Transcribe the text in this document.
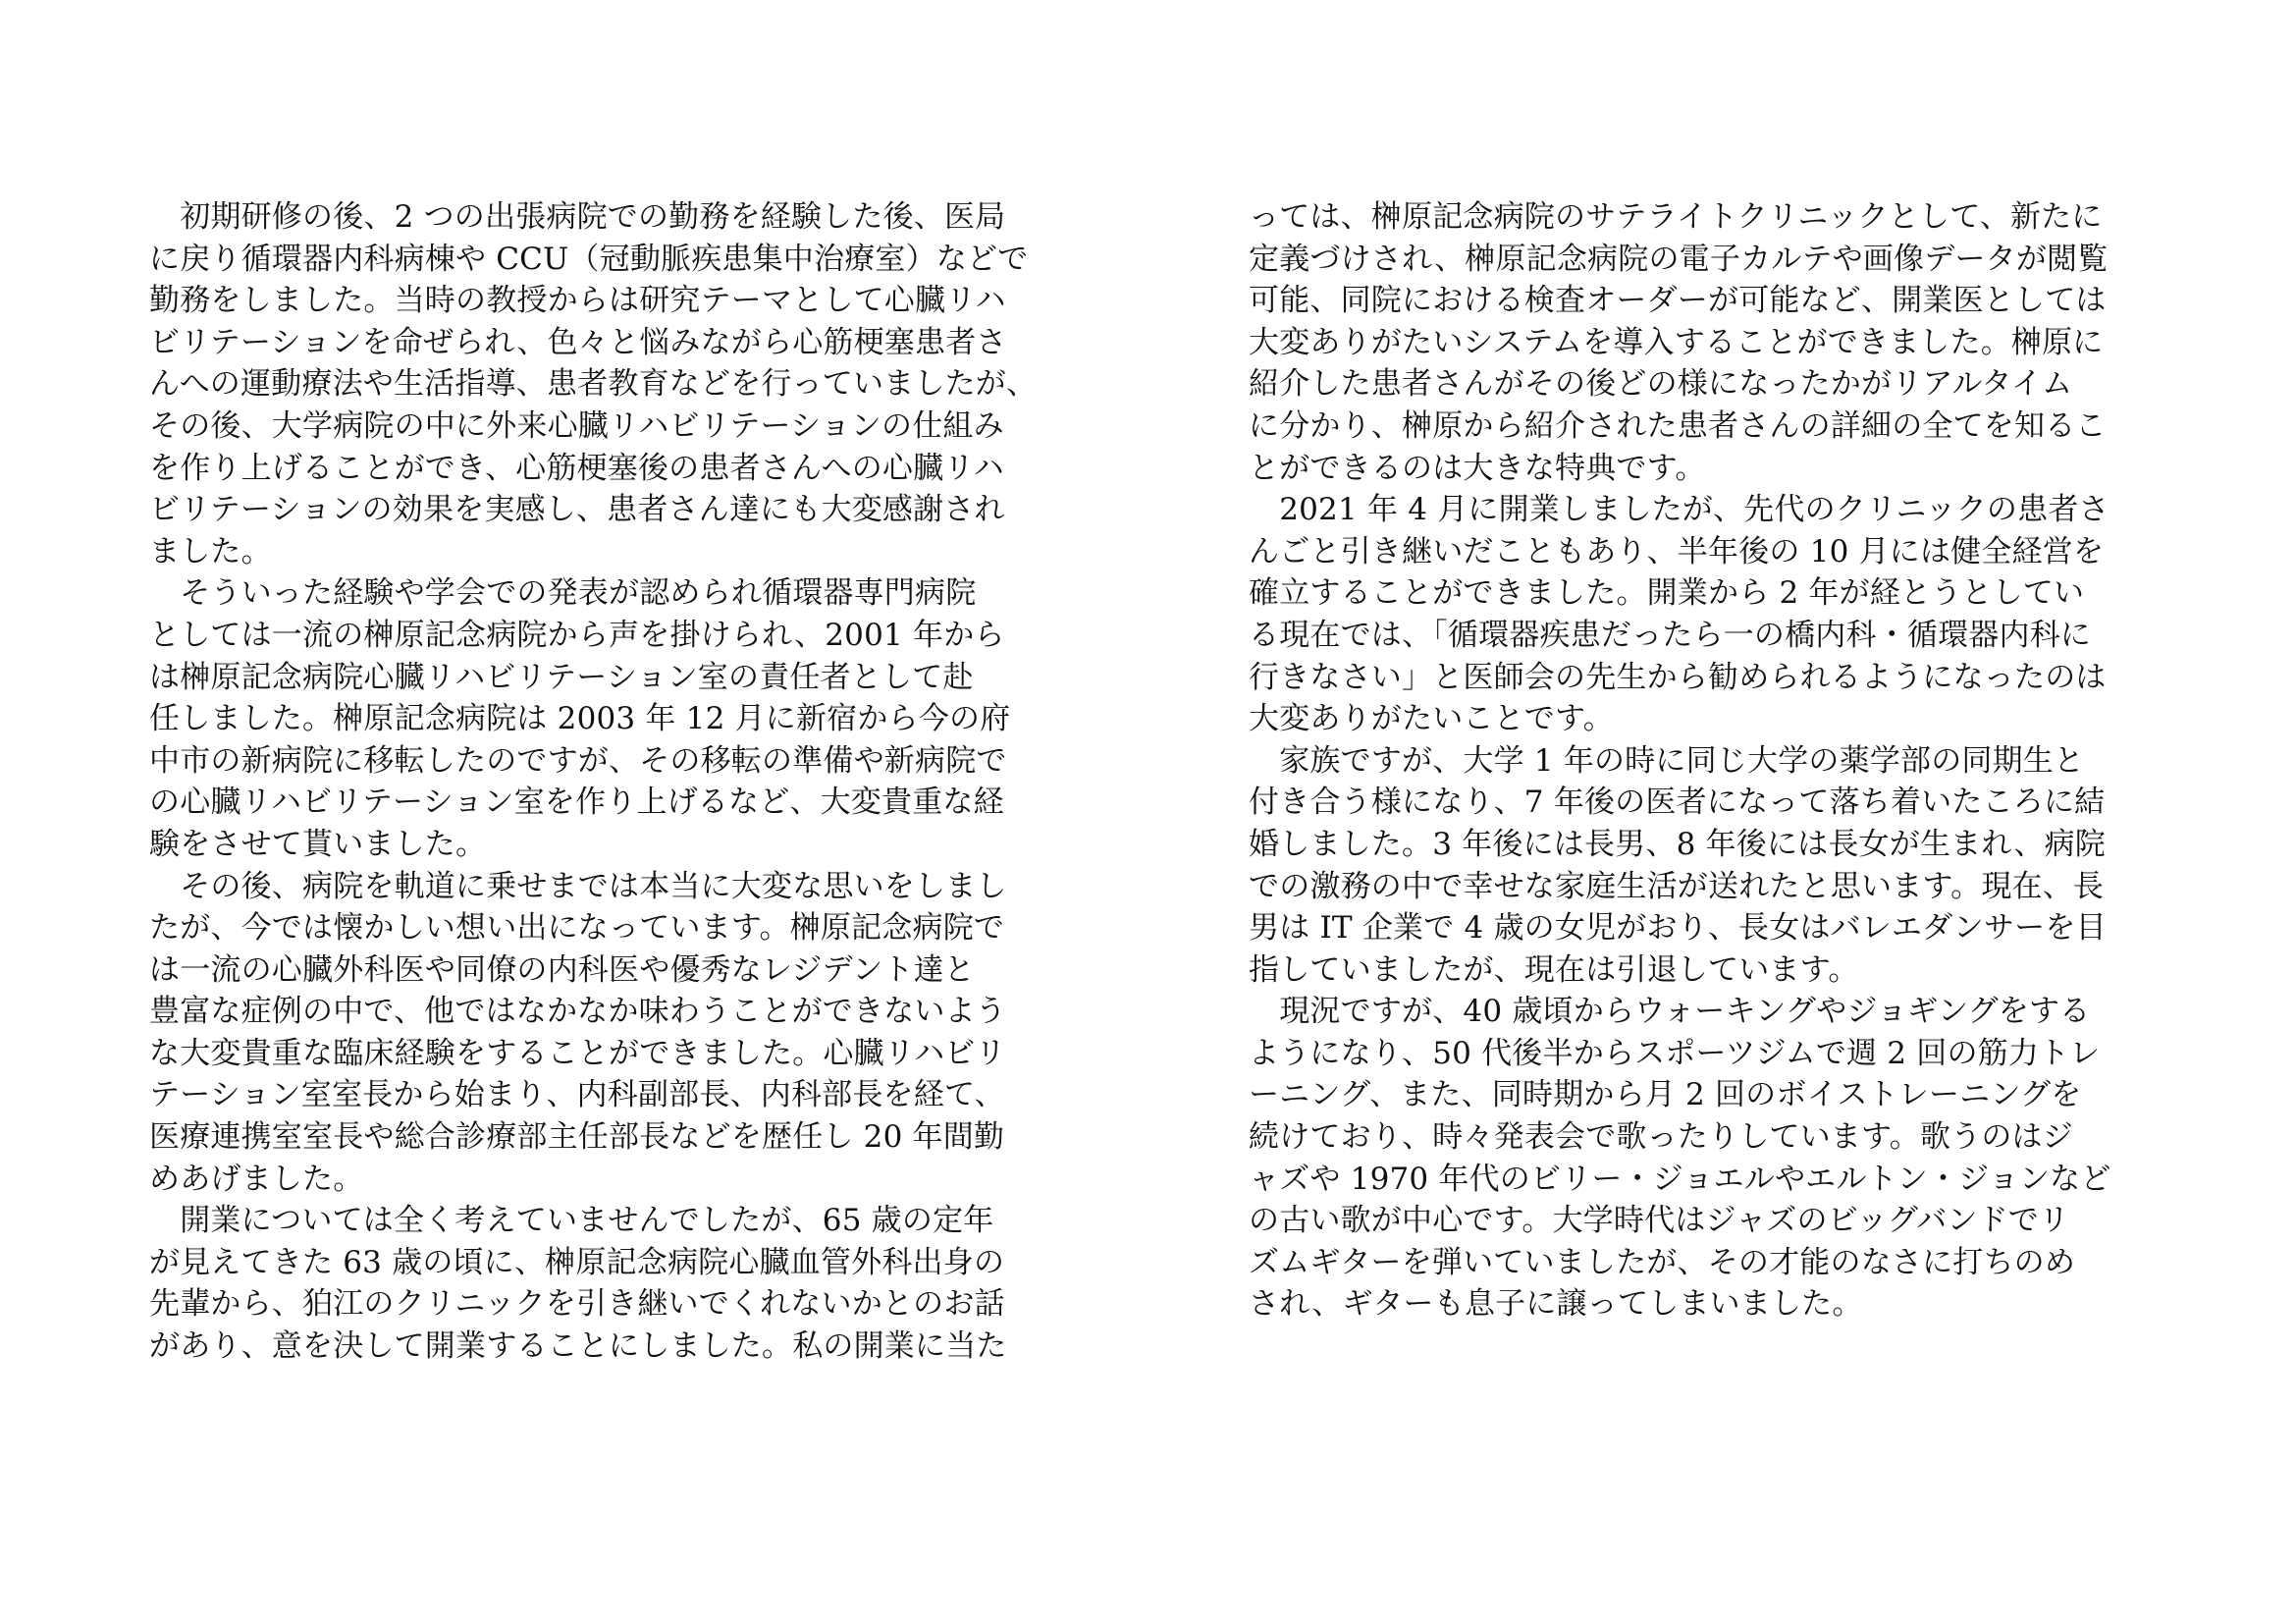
　初期研修の後、2 つの出張病院での勤務を経験した後、医局
に戻り循環器内科病棟や CCU（冠動脈疾患集中治療室）などで
勤務をしました。当時の教授からは研究テーマとして心臓リハ
ビリテーションを命ぜられ、色々と悩みながら心筋梗塞患者さ
んへの運動療法や生活指導、患者教育などを行っていましたが、
その後、大学病院の中に外来心臓リハビリテーションの仕組み
を作り上げることができ、心筋梗塞後の患者さんへの心臓リハ
ビリテーションの効果を実感し、患者さん達にも大変感謝され
ました。
　そういった経験や学会での発表が認められ循環器専門病院
としては一流の榊原記念病院から声を掛けられ、2001 年から
は榊原記念病院心臓リハビリテーション室の責任者として赴
任しました。榊原記念病院は 2003 年 12 月に新宿から今の府
中市の新病院に移転したのですが、その移転の準備や新病院で
の心臓リハビリテーション室を作り上げるなど、大変貴重な経
験をさせて貰いました。
　その後、病院を軌道に乗せまでは本当に大変な思いをしまし
たが、今では懐かしい想い出になっています。榊原記念病院で
は一流の心臓外科医や同僚の内科医や優秀なレジデント達と
豊富な症例の中で、他ではなかなか味わうことができないよう
な大変貴重な臨床経験をすることができました。心臓リハビリ
テーション室室長から始まり、内科副部長、内科部長を経て、
医療連携室室長や総合診療部主任部長などを歴任し 20 年間勤
めあげました。
　開業については全く考えていませんでしたが、65 歳の定年
が見えてきた 63 歳の頃に、榊原記念病院心臓血管外科出身の
先輩から、狛江のクリニックを引き継いでくれないかとのお話
があり、意を決して開業することにしました。私の開業に当た
っては、榊原記念病院のサテライトクリニックとして、新たに
定義づけされ、榊原記念病院の電子カルテや画像データが閲覧
可能、同院における検査オーダーが可能など、開業医としては
大変ありがたいシステムを導入することができました。榊原に
紹介した患者さんがその後どの様になったかがリアルタイム
に分かり、榊原から紹介された患者さんの詳細の全てを知るこ
とができるのは大きな特典です。
　2021 年 4 月に開業しましたが、先代のクリニックの患者さ
んごと引き継いだこともあり、半年後の 10 月には健全経営を
確立することができました。開業から 2 年が経とうとしてい
る現在では、「循環器疾患だったら一の橋内科・循環器内科に
行きなさい」と医師会の先生から勧められるようになったのは
大変ありがたいことです。
　家族ですが、大学 1 年の時に同じ大学の薬学部の同期生と
付き合う様になり、7 年後の医者になって落ち着いたころに結
婚しました。3 年後には長男、8 年後には長女が生まれ、病院
での激務の中で幸せな家庭生活が送れたと思います。現在、長
男は IT 企業で 4 歳の女児がおり、長女はバレエダンサーを目
指していましたが、現在は引退しています。
　現況ですが、40 歳頃からウォーキングやジョギングをする
ようになり、50 代後半からスポーツジムで週 2 回の筋力トレ
ーニング、また、同時期から月 2 回のボイストレーニングを
続けており、時々発表会で歌ったりしています。歌うのはジ
ャズや 1970 年代のビリー・ジョエルやエルトン・ジョンなど
の古い歌が中心です。大学時代はジャズのビッグバンドでリ
ズムギターを弾いていましたが、その才能のなさに打ちのめ
され、ギターも息子に譲ってしまいました。
